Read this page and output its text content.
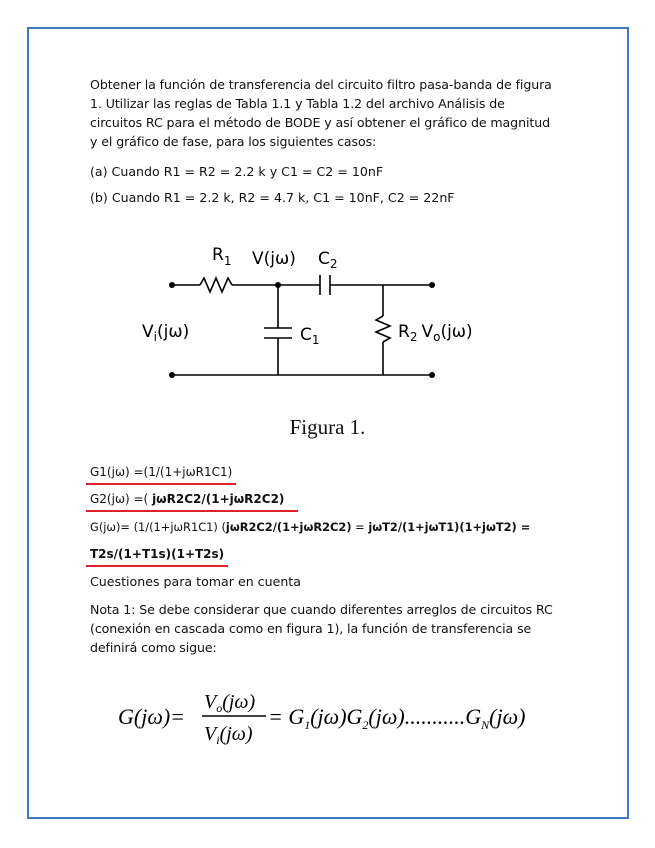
Obtener la función de transferencia del circuito filtro pasa-banda de figura 1. Utilizar las reglas de Tabla 1.1 y Tabla 1.2 del archivo Análisis de circuitos RC para el método de BODE y así obtener el gráfico de magnitud y el gráfico de fase, para los siguientes casos:
(a) Cuando R1 = R2 = 2.2 k y C1 = C2 = 10nF
(b) Cuando R1 = 2.2 k, R2 = 4.7 k, C1 = 10nF, C2 = 22nF
$R_1$ V(jω) $C_2$
$V_i(j\omega)$	$C_1$	$R_2$ $V_o(j\omega)$
Figura 1.
G1(jω) =(1/(1+jωR1C1)
G2(jω) =( jωR2C2/(1+jωR2C2)
G(jω)= (1/(1+jωR1C1) (jωR2C2/(1+jωR2C2) = jωT2/(1+jωT1)(1+jωT2) =
T2s/(1+T1s)(1+T2s)
Cuestiones para tomar en cuenta
Nota 1: Se debe considerar que cuando diferentes arreglos de circuitos RC (conexión en cascada como en figura 1), la función de transferencia se definirá como sigue:
G(jω)=
$V_o(j\omega)$
$V_i(j\omega)$
= $G_1(j\omega)G_2(j\omega)...........G_N(j\omega)$
